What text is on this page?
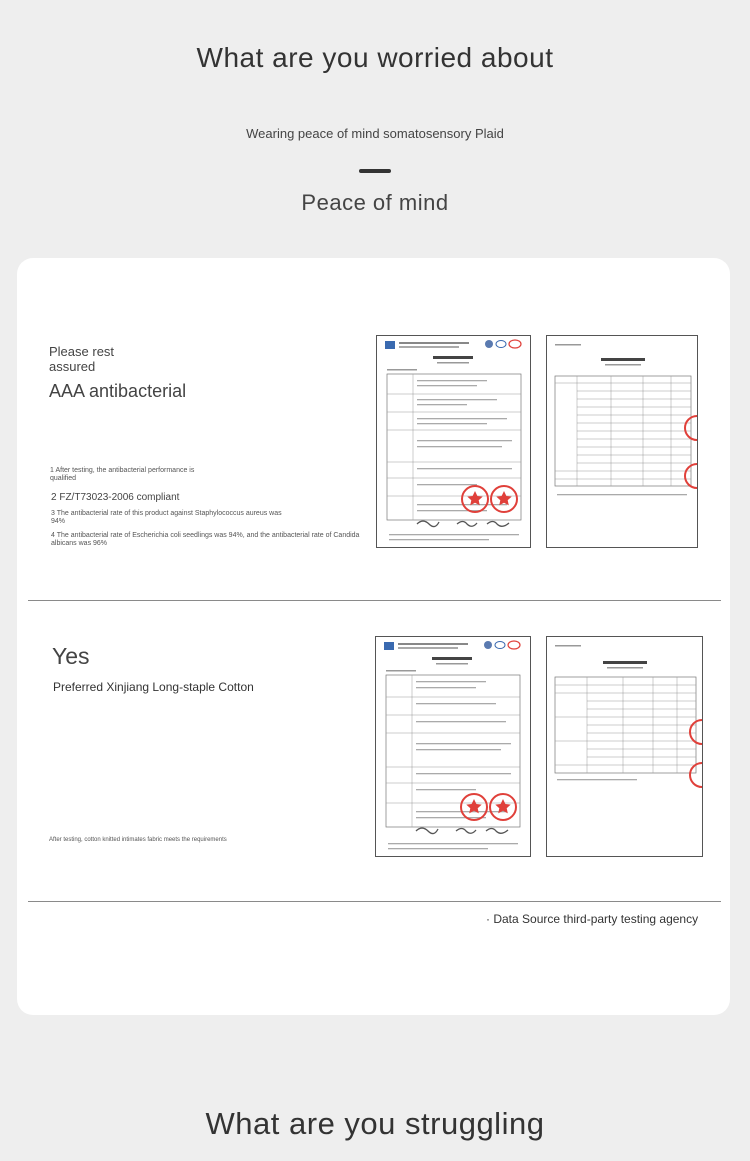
What are you worried about
Wearing peace of mind somatosensory Plaid
Peace of mind
Please rest
assured
AAA antibacterial
1 After testing, the antibacterial performance is
qualified
2 FZ/T73023-2006 compliant
3 The antibacterial rate of this product against Staphylococcus aureus was
94%
4 The antibacterial rate of Escherichia coli seedlings was 94%, and the antibacterial rate of Candida
albicans was 96%
Yes
Preferred Xinjiang Long-staple Cotton
After testing, cotton knitted intimates fabric meets the requirements
· Data Source third-party testing agency
What are you struggling
